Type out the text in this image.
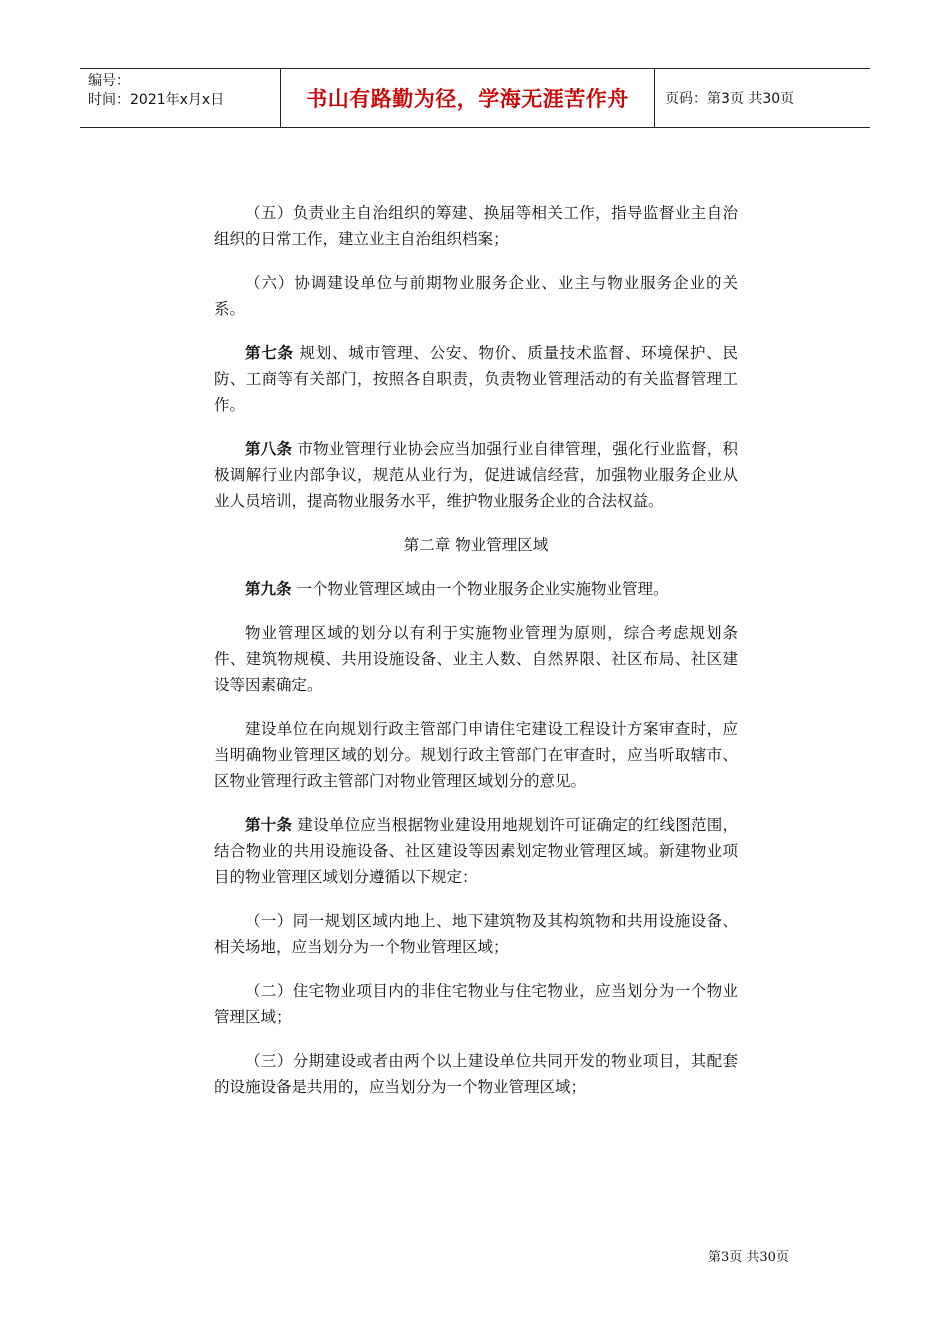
编号：
时间：2021年x月x日	书山有路勤为径，学海无涯苦作舟	页码：第3页 共30页

（五）负责业主自治组织的筹建、换届等相关工作，指导监督业主自治组织的日常工作，建立业主自治组织档案；

（六）协调建设单位与前期物业服务企业、业主与物业服务企业的关系。

第七条 规划、城市管理、公安、物价、质量技术监督、环境保护、民防、工商等有关部门，按照各自职责，负责物业管理活动的有关监督管理工作。

第八条 市物业管理行业协会应当加强行业自律管理，强化行业监督，积极调解行业内部争议，规范从业行为，促进诚信经营，加强物业服务企业从业人员培训，提高物业服务水平，维护物业服务企业的合法权益。

第二章 物业管理区域

第九条 一个物业管理区域由一个物业服务企业实施物业管理。

物业管理区域的划分以有利于实施物业管理为原则，综合考虑规划条件、建筑物规模、共用设施设备、业主人数、自然界限、社区布局、社区建设等因素确定。

建设单位在向规划行政主管部门申请住宅建设工程设计方案审查时，应当明确物业管理区域的划分。规划行政主管部门在审查时，应当听取辖市、区物业管理行政主管部门对物业管理区域划分的意见。

第十条 建设单位应当根据物业建设用地规划许可证确定的红线图范围，结合物业的共用设施设备、社区建设等因素划定物业管理区域。新建物业项目的物业管理区域划分遵循以下规定：

（一）同一规划区域内地上、地下建筑物及其构筑物和共用设施设备、相关场地，应当划分为一个物业管理区域；

（二）住宅物业项目内的非住宅物业与住宅物业，应当划分为一个物业管理区域；

（三）分期建设或者由两个以上建设单位共同开发的物业项目，其配套的设施设备是共用的，应当划分为一个物业管理区域；

第3页 共30页
